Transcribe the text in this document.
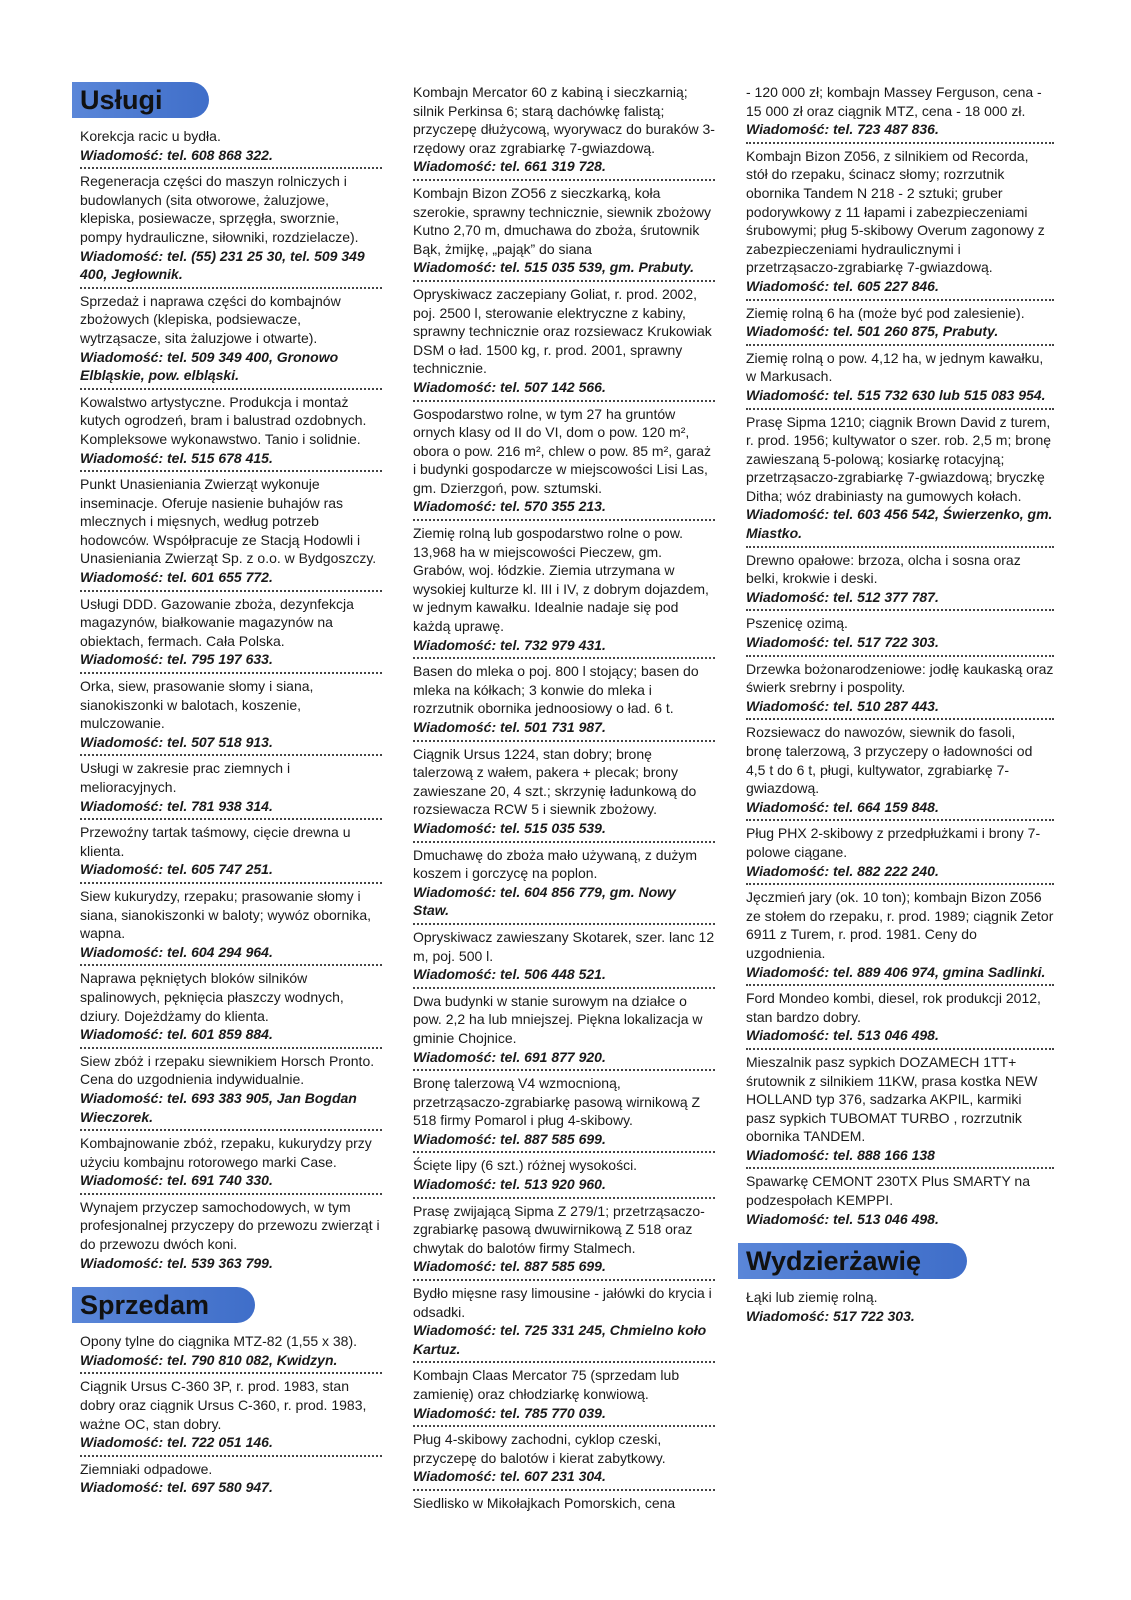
Usługi
Korekcja racic u bydła.
Wiadomość: tel. 608 868 322.
Regeneracja części do maszyn rolniczych i budowlanych (sita otworowe, żaluzjowe, klepiska, posiewacze, sprzęgła, sworznie, pompy hydrauliczne, siłowniki, rozdzielacze).
Wiadomość: tel. (55) 231 25 30, tel. 509 349 400, Jegłownik.
Sprzedaż i naprawa części do kombajnów zbożowych (klepiska, podsiewacze, wytrząsacze, sita żaluzjowe i otwarte).
Wiadomość: tel. 509 349 400, Gronowo Elbląskie, pow. elbląski.
Kowalstwo artystyczne. Produkcja i montaż kutych ogrodzeń, bram i balustrad ozdobnych. Kompleksowe wykonawstwo. Tanio i solidnie.
Wiadomość: tel. 515 678 415.
Punkt Unasieniania Zwierząt wykonuje inseminacje. Oferuje nasienie buhajów ras mlecznych i mięsnych, według potrzeb hodowców. Współpracuje ze Stacją Hodowli i Unasieniania Zwierząt Sp. z o.o. w Bydgoszczy.
Wiadomość: tel. 601 655 772.
Usługi DDD. Gazowanie zboża, dezynfekcja magazynów, białkowanie magazynów na obiektach, fermach. Cała Polska.
Wiadomość: tel. 795 197 633.
Orka, siew, prasowanie słomy i siana, sianokiszonki w balotach, koszenie, mulczowanie.
Wiadomość: tel. 507 518 913.
Usługi w zakresie prac ziemnych i melioracyjnych.
Wiadomość: tel. 781 938 314.
Przewoźny tartak taśmowy, cięcie drewna u klienta.
Wiadomość: tel. 605 747 251.
Siew kukurydzy, rzepaku; prasowanie słomy i siana, sianokiszonki w baloty; wywóz obornika, wapna.
Wiadomość: tel. 604 294 964.
Naprawa pękniętych bloków silników spalinowych, pęknięcia płaszczy wodnych, dziury. Dojeżdżamy do klienta.
Wiadomość: tel. 601 859 884.
Siew zbóż i rzepaku siewnikiem Horsch Pronto. Cena do uzgodnienia indywidualnie.
Wiadomość: tel. 693 383 905, Jan Bogdan Wieczorek.
Kombajnowanie zbóż, rzepaku, kukurydzy przy użyciu kombajnu rotorowego marki Case.
Wiadomość: tel. 691 740 330.
Wynajem przyczep samochodowych, w tym profesjonalnej przyczepy do przewozu zwierząt i do przewozu dwóch koni.
Wiadomość: tel. 539 363 799.
Sprzedam
Opony tylne do ciągnika MTZ-82 (1,55 x 38).
Wiadomość: tel. 790 810 082, Kwidzyn.
Ciągnik Ursus C-360 3P, r. prod. 1983, stan dobry oraz ciągnik Ursus C-360, r. prod. 1983, ważne OC, stan dobry.
Wiadomość: tel. 722 051 146.
Ziemniaki odpadowe.
Wiadomość: tel. 697 580 947.
Kombajn Mercator 60 z kabiną i sieczkarnią; silnik Perkinsa 6; starą dachówkę falistą; przyczepę dłużycową, wyorywacz do buraków 3-rzędowy oraz zgrabiarkę 7-gwiazdową.
Wiadomość: tel. 661 319 728.
Kombajn Bizon ZO56 z sieczkarką, koła szerokie, sprawny technicznie, siewnik zbożowy Kutno 2,70 m, dmuchawa do zboża, śrutownik Bąk, żmijkę, „pająk” do siana
Wiadomość: tel. 515 035 539, gm. Prabuty.
Opryskiwacz zaczepiany Goliat, r. prod. 2002, poj. 2500 l, sterowanie elektryczne z kabiny, sprawny technicznie oraz rozsiewacz Krukowiak DSM o ład. 1500 kg, r. prod. 2001, sprawny technicznie.
Wiadomość: tel. 507 142 566.
Gospodarstwo rolne, w tym 27 ha gruntów ornych klasy od II do VI, dom o pow. 120 m², obora o pow. 216 m², chlew o pow. 85 m², garaż i budynki gospodarcze w miejscowości Lisi Las, gm. Dzierzgoń, pow. sztumski.
Wiadomość: tel. 570 355 213.
Ziemię rolną lub gospodarstwo rolne o pow. 13,968 ha w miejscowości Pieczew, gm. Grabów, woj. łódzkie. Ziemia utrzymana w wysokiej kulturze kl. III i IV, z dobrym dojazdem, w jednym kawałku. Idealnie nadaje się pod każdą uprawę.
Wiadomość: tel. 732 979 431.
Basen do mleka o poj. 800 l stojący; basen do mleka na kółkach; 3 konwie do mleka i rozrzutnik obornika jednoosiowy o ład. 6 t.
Wiadomość: tel. 501 731 987.
Ciągnik Ursus 1224, stan dobry; bronę talerzową z wałem, pakera + plecak; brony zawieszane 20, 4 szt.; skrzynię ładunkową do rozsiewacza RCW 5 i siewnik zbożowy.
Wiadomość: tel. 515 035 539.
Dmuchawę do zboża mało używaną, z dużym koszem i gorczycę na poplon.
Wiadomość: tel. 604 856 779, gm. Nowy Staw.
Opryskiwacz zawieszany Skotarek, szer. lanc 12 m, poj. 500 l.
Wiadomość: tel. 506 448 521.
Dwa budynki w stanie surowym na działce o pow. 2,2 ha lub mniejszej. Piękna lokalizacja w gminie Chojnice.
Wiadomość: tel. 691 877 920.
Bronę talerzową V4 wzmocnioną, przetrząsaczo-zgrabiarkę pasową wirnikową Z 518 firmy Pomarol i pług 4-skibowy.
Wiadomość: tel. 887 585 699.
Ścięte lipy (6 szt.) różnej wysokości.
Wiadomość: tel. 513 920 960.
Prasę zwijającą Sipma Z 279/1; przetrząsaczo-zgrabiarkę pasową dwuwirnikową Z 518 oraz chwytak do balotów firmy Stalmech.
Wiadomość: tel. 887 585 699.
Bydło mięsne rasy limousine - jałówki do krycia i odsadki.
Wiadomość: tel. 725 331 245, Chmielno koło Kartuz.
Kombajn Claas Mercator 75 (sprzedam lub zamienię) oraz chłodziarkę konwiową.
Wiadomość: tel. 785 770 039.
Pług 4-skibowy zachodni, cyklop czeski, przyczepę do balotów i kierat zabytkowy.
Wiadomość: tel. 607 231 304.
Siedlisko w Mikołajkach Pomorskich, cena
- 120 000 zł; kombajn Massey Ferguson, cena - 15 000 zł oraz ciągnik MTZ, cena - 18 000 zł.
Wiadomość: tel. 723 487 836.
Kombajn Bizon Z056, z silnikiem od Recorda, stół do rzepaku, ścinacz słomy; rozrzutnik obornika Tandem N 218 - 2 sztuki; gruber podorywkowy z 11 łapami i zabezpieczeniami śrubowymi; pług 5-skibowy Overum zagonowy z zabezpieczeniami hydraulicznymi i przetrząsaczo-zgrabiarkę 7-gwiazdową.
Wiadomość: tel. 605 227 846.
Ziemię rolną 6 ha (może być pod zalesienie).
Wiadomość: tel. 501 260 875, Prabuty.
Ziemię rolną o pow. 4,12 ha, w jednym kawałku, w Markusach.
Wiadomość: tel. 515 732 630 lub 515 083 954.
Prasę Sipma 1210; ciągnik Brown David z turem, r. prod. 1956; kultywator o szer. rob. 2,5 m; bronę zawieszaną 5-polową; kosiarkę rotacyjną; przetrząsaczo-zgrabiarkę 7-gwiazdową; bryczkę Ditha; wóz drabiniasty na gumowych kołach.
Wiadomość: tel. 603 456 542, Świerzenko, gm. Miastko.
Drewno opałowe: brzoza, olcha i sosna oraz belki, krokwie i deski.
Wiadomość: tel. 512 377 787.
Pszenicę ozimą.
Wiadomość: tel. 517 722 303.
Drzewka bożonarodzeniowe: jodłę kaukaską oraz świerk srebrny i pospolity.
Wiadomość: tel. 510 287 443.
Rozsiewacz do nawozów, siewnik do fasoli, bronę talerzową, 3 przyczepy o ładowności od 4,5 t do 6 t, pługi, kultywator, zgrabiarkę 7-gwiazdową.
Wiadomość: tel. 664 159 848.
Pług PHX 2-skibowy z przedpłużkami i brony 7-polowe ciągane.
Wiadomość: tel. 882 222 240.
Jęczmień jary (ok. 10 ton); kombajn Bizon Z056 ze stołem do rzepaku, r. prod. 1989; ciągnik Zetor 6911 z Turem, r. prod. 1981. Ceny do uzgodnienia.
Wiadomość: tel. 889 406 974, gmina Sadlinki.
Ford Mondeo kombi, diesel, rok produkcji 2012, stan bardzo dobry.
Wiadomość: tel. 513 046 498.
Mieszalnik pasz sypkich DOZAMECH 1TT+ śrutownik z silnikiem 11KW, prasa kostka NEW HOLLAND typ 376, sadzarka AKPIL, karmiki pasz sypkich TUBOMAT TURBO , rozrzutnik obornika TANDEM.
Wiadomość: tel. 888 166 138
Spawarkę CEMONT 230TX Plus SMARTY na podzespołach KEMPPI.
Wiadomość: tel. 513 046 498.
Wydzierżawię
Łąki lub ziemię rolną.
Wiadomość: 517 722 303.
